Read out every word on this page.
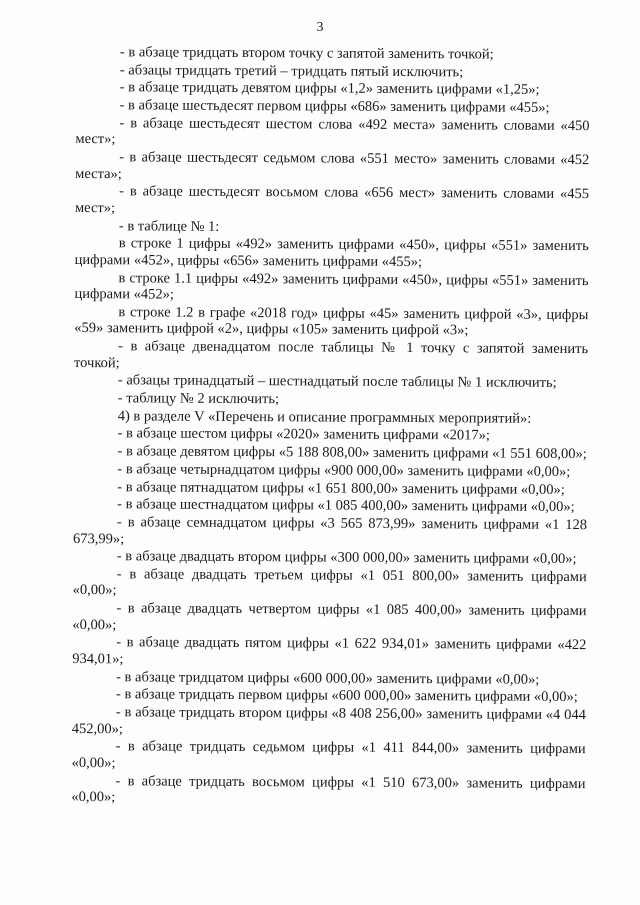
3

- в абзаце тридцать втором точку с запятой заменить точкой;

- абзацы тридцать третий – тридцать пятый исключить;

- в абзаце тридцать девятом цифры «1,2» заменить цифрами «1,25»;

- в абзаце шестьдесят первом цифры «686» заменить цифрами «455»;

- в абзаце шестьдесят шестом слова «492 места» заменить словами «450 мест»;

- в абзаце шестьдесят седьмом слова «551 место» заменить словами «452 места»;

- в абзаце шестьдесят восьмом слова «656 мест» заменить словами «455 мест»;

- в таблице № 1:

в строке 1 цифры «492» заменить цифрами «450», цифры «551» заменить цифрами «452», цифры «656» заменить цифрами «455»;

в строке 1.1 цифры «492» заменить цифрами «450», цифры «551» заменить цифрами «452»;

в строке 1.2 в графе «2018 год» цифры «45» заменить цифрой «3», цифры «59» заменить цифрой «2», цифры «105» заменить цифрой «3»;

- в абзаце двенадцатом после таблицы № 1 точку с запятой заменить точкой;

- абзацы тринадцатый – шестнадцатый после таблицы № 1 исключить;

- таблицу № 2 исключить;

4) в разделе V «Перечень и описание программных мероприятий»:

- в абзаце шестом цифры «2020» заменить цифрами «2017»;

- в абзаце девятом цифры «5 188 808,00» заменить цифрами «1 551 608,00»;

- в абзаце четырнадцатом цифры «900 000,00» заменить цифрами «0,00»;

- в абзаце пятнадцатом цифры «1 651 800,00» заменить цифрами «0,00»;

- в абзаце шестнадцатом цифры «1 085 400,00» заменить цифрами «0,00»;

- в абзаце семнадцатом цифры «3 565 873,99» заменить цифрами «1 128 673,99»;

- в абзаце двадцать втором цифры «300 000,00» заменить цифрами «0,00»;

- в абзаце двадцать третьем цифры «1 051 800,00» заменить цифрами «0,00»;

- в абзаце двадцать четвертом цифры «1 085 400,00» заменить цифрами «0,00»;

- в абзаце двадцать пятом цифры «1 622 934,01» заменить цифрами «422 934,01»;

- в абзаце тридцатом цифры «600 000,00» заменить цифрами «0,00»;

- в абзаце тридцать первом цифры «600 000,00» заменить цифрами «0,00»;

- в абзаце тридцать втором цифры «8 408 256,00» заменить цифрами «4 044 452,00»;

- в абзаце тридцать седьмом цифры «1 411 844,00» заменить цифрами «0,00»;

- в абзаце тридцать восьмом цифры «1 510 673,00» заменить цифрами «0,00»;
